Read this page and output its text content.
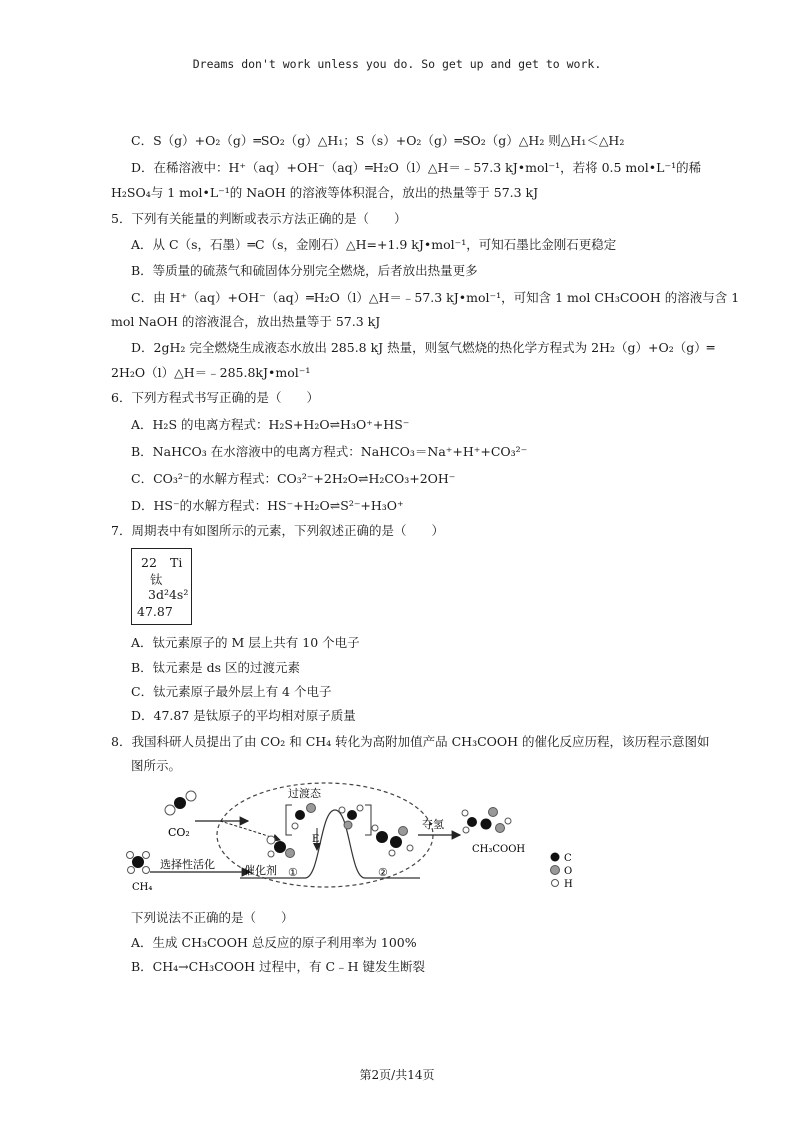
Dreams don't work unless you do. So get up and get to work.
C．S（g）+O₂（g）═SO₂（g）△H₁；S（s）+O₂（g）═SO₂（g）△H₂ 则△H₁＜△H₂
D．在稀溶液中：H⁺（aq）+OH⁻（aq）═H₂O（l）△H＝﹣57.3 kJ•mol⁻¹，若将 0.5 mol•L⁻¹的稀
H₂SO₄与 1 mol•L⁻¹的 NaOH 的溶液等体积混合，放出的热量等于 57.3 kJ
5．下列有关能量的判断或表示方法正确的是（　　）
A．从 C（s，石墨）═C（s，金刚石）△H=+1.9 kJ•mol⁻¹，可知石墨比金刚石更稳定
B．等质量的硫蒸气和硫固体分别完全燃烧，后者放出热量更多
C．由 H⁺（aq）+OH⁻（aq）═H₂O（l）△H＝﹣57.3 kJ•mol⁻¹，可知含 1 mol CH₃COOH 的溶液与含 1
mol NaOH 的溶液混合，放出热量等于 57.3 kJ
D．2gH₂ 完全燃烧生成液态水放出 285.8 kJ 热量，则氢气燃烧的热化学方程式为 2H₂（g）+O₂（g）═
2H₂O（l）△H＝﹣285.8kJ•mol⁻¹
6．下列方程式书写正确的是（　　）
A．H₂S 的电离方程式：H₂S+H₂O⇌H₃O⁺+HS⁻
B．NaHCO₃ 在水溶液中的电离方程式：NaHCO₃＝Na⁺+H⁺+CO₃²⁻
C．CO₃²⁻的水解方程式：CO₃²⁻+2H₂O⇌H₂CO₃+2OH⁻
D．HS⁻的水解方程式：HS⁻+H₂O⇌S²⁻+H₃O⁺
7．周期表中有如图所示的元素，下列叙述正确的是（　　）
22 Ti
钛
3d²4s²
47.87
A．钛元素原子的 M 层上共有 10 个电子
B．钛元素是 ds 区的过渡元素
C．钛元素原子最外层上有 4 个电子
D．47.87 是钛原子的平均相对原子质量
8．我国科研人员提出了由 CO₂ 和 CH₄ 转化为高附加值产品 CH₃COOH 的催化反应历程，该历程示意图如
图所示。
CO₂
CH₄
选择性活化
E
催化剂 ①
过渡态
②
夺氢
CH₃COOH
C
O
H
下列说法不正确的是（　　）
A．生成 CH₃COOH 总反应的原子利用率为 100%
B．CH₄→CH₃COOH 过程中，有 C﹣H 键发生断裂
第2页/共14页
